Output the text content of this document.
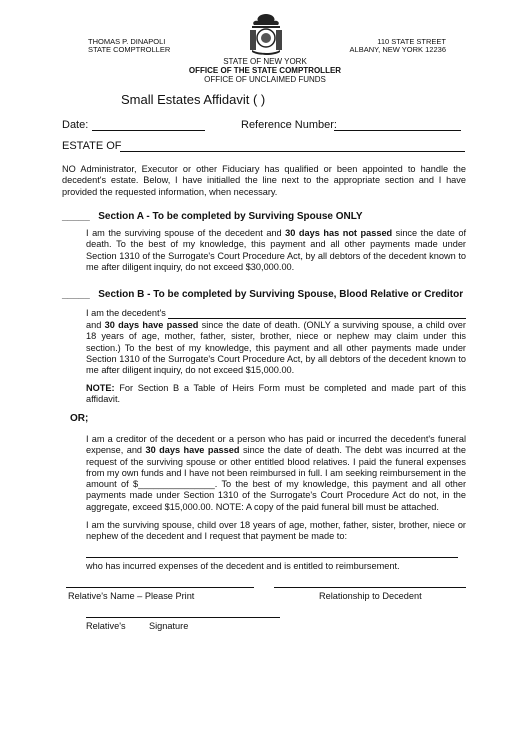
THOMAS P. DINAPOLI
STATE COMPTROLLER
110 STATE STREET
ALBANY, NEW YORK 12236
STATE OF NEW YORK
OFFICE OF THE STATE COMPTROLLER
OFFICE OF UNCLAIMED FUNDS
Small Estates Affidavit ( )
Date:	Reference Number:
ESTATE OF
NO Administrator, Executor or other Fiduciary has qualified or been appointed to handle the decedent's estate. Below, I have initialled the line next to the appropriate section and I have provided the requested information, when necessary.
_____ Section A - To be completed by Surviving Spouse ONLY
I am the surviving spouse of the decedent and 30 days has not passed since the date of death. To the best of my knowledge, this payment and all other payments made under Section 1310 of the Surrogate's Court Procedure Act, by all debtors of the decedent known to me after diligent inquiry, do not exceed $30,000.00.
_____ Section B - To be completed by Surviving Spouse, Blood Relative or Creditor
I am the decedent's
and 30 days have passed since the date of death. (ONLY a surviving spouse, a child over 18 years of age, mother, father, sister, brother, niece or nephew may claim under this section.) To the best of my knowledge, this payment and all other payments made under Section 1310 of the Surrogate's Court Procedure Act, by all debtors of the decedent known to me after diligent inquiry, do not exceed $15,000.00.
NOTE: For Section B a Table of Heirs Form must be completed and made part of this affidavit.
OR;
I am a creditor of the decedent or a person who has paid or incurred the decedent's funeral expense, and 30 days have passed since the date of death. The debt was incurred at the request of the surviving spouse or other entitled blood relatives. I paid the funeral expenses from my own funds and I have not been reimbursed in full. I am seeking reimbursement in the amount of $_______________. To the best of my knowledge, this payment and all other payments made under Section 1310 of the Surrogate's Court Procedure Act do not, in the aggregate, exceed $15,000.00. NOTE: A copy of the paid funeral bill must be attached.
I am the surviving spouse, child over 18 years of age, mother, father, sister, brother, niece or nephew of the decedent and I request that payment be made to:
who has incurred expenses of the decedent and is entitled to reimbursement.
Relative's Name – Please Print	Relationship to Decedent
Relative's	Signature
